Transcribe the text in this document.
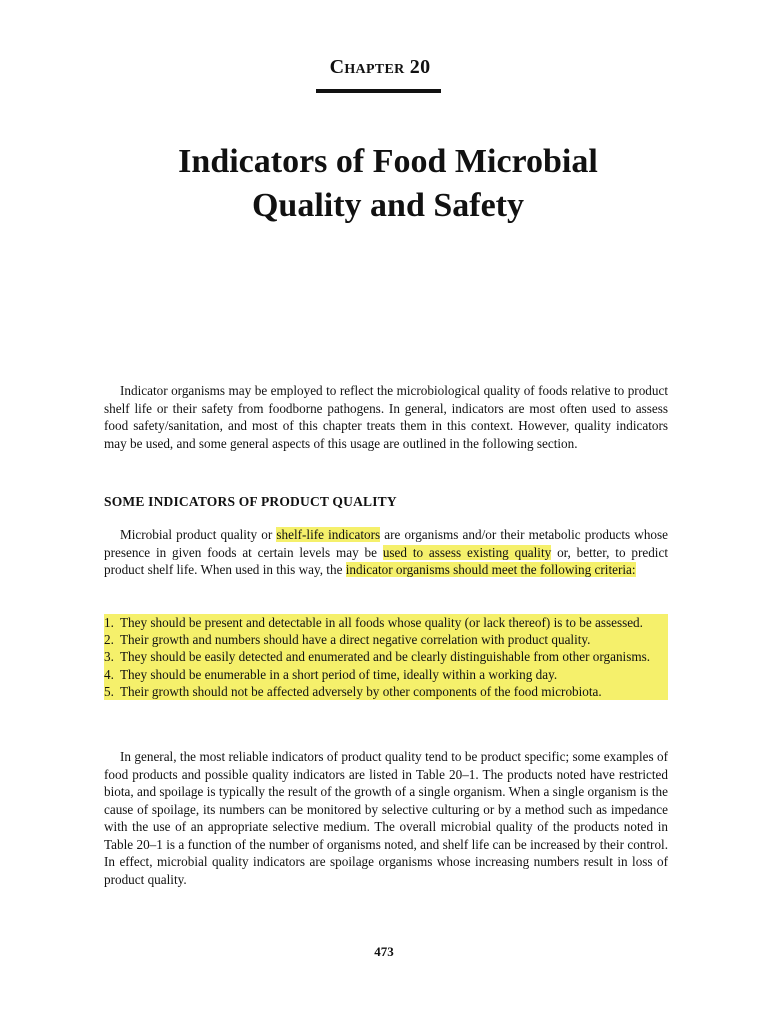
Chapter 20
Indicators of Food Microbial
Quality and Safety

Indicator organisms may be employed to reflect the microbiological quality of foods relative to product shelf life or their safety from foodborne pathogens. In general, indicators are most often used to assess food safety/sanitation, and most of this chapter treats them in this context. However, quality indicators may be used, and some general aspects of this usage are outlined in the following section.

SOME INDICATORS OF PRODUCT QUALITY

Microbial product quality or shelf-life indicators are organisms and/or their metabolic products whose presence in given foods at certain levels may be used to assess existing quality or, better, to predict product shelf life. When used in this way, the indicator organisms should meet the following criteria:

1. They should be present and detectable in all foods whose quality (or lack thereof) is to be assessed.
2. Their growth and numbers should have a direct negative correlation with product quality.
3. They should be easily detected and enumerated and be clearly distinguishable from other organisms.
4. They should be enumerable in a short period of time, ideally within a working day.
5. Their growth should not be affected adversely by other components of the food microbiota.

In general, the most reliable indicators of product quality tend to be product specific; some examples of food products and possible quality indicators are listed in Table 20–1. The products noted have restricted biota, and spoilage is typically the result of the growth of a single organism. When a single organism is the cause of spoilage, its numbers can be monitored by selective culturing or by a method such as impedance with the use of an appropriate selective medium. The overall microbial quality of the products noted in Table 20–1 is a function of the number of organisms noted, and shelf life can be increased by their control. In effect, microbial quality indicators are spoilage organisms whose increasing numbers result in loss of product quality.

473
